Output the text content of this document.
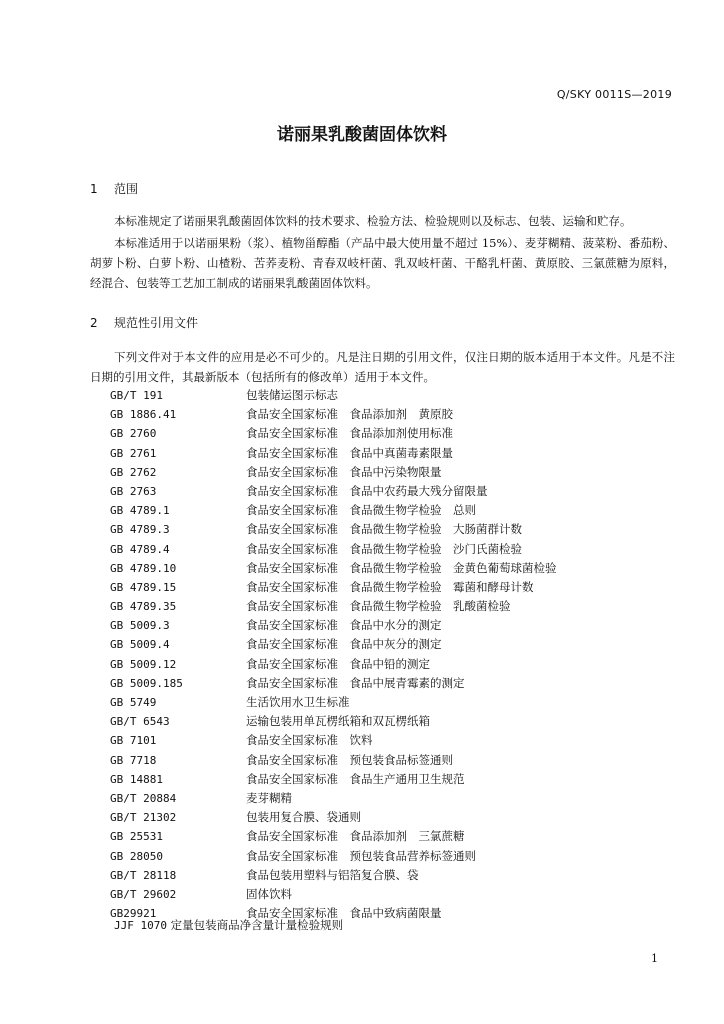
Q/SKY 0011S—2019
诺丽果乳酸菌固体饮料
1 范围
本标准规定了诺丽果乳酸菌固体饮料的技术要求、检验方法、检验规则以及标志、包装、运输和贮存。
本标准适用于以诺丽果粉（浆）、植物甾醇酯（产品中最大使用量不超过 15%）、麦芽糊精、菠菜粉、番茄粉、胡萝卜粉、白萝卜粉、山楂粉、苦荞麦粉、青春双岐杆菌、乳双岐杆菌、干酪乳杆菌、黄原胶、三氯蔗糖为原料，经混合、包装等工艺加工制成的诺丽果乳酸菌固体饮料。
2 规范性引用文件
下列文件对于本文件的应用是必不可少的。凡是注日期的引用文件，仅注日期的版本适用于本文件。凡是不注日期的引用文件，其最新版本（包括所有的修改单）适用于本文件。
GB/T 191	包装储运图示标志
GB 1886.41	食品安全国家标准　食品添加剂　黄原胶
GB 2760	食品安全国家标准　食品添加剂使用标准
GB 2761	食品安全国家标准　食品中真菌毒素限量
GB 2762	食品安全国家标准　食品中污染物限量
GB 2763	食品安全国家标准　食品中农药最大残分留限量
GB 4789.1	食品安全国家标准　食品微生物学检验　总则
GB 4789.3	食品安全国家标准　食品微生物学检验　大肠菌群计数
GB 4789.4	食品安全国家标准　食品微生物学检验　沙门氏菌检验
GB 4789.10	食品安全国家标准　食品微生物学检验　金黄色葡萄球菌检验
GB 4789.15	食品安全国家标准　食品微生物学检验　霉菌和酵母计数
GB 4789.35	食品安全国家标准　食品微生物学检验　乳酸菌检验
GB 5009.3	食品安全国家标准　食品中水分的测定
GB 5009.4	食品安全国家标准　食品中灰分的测定
GB 5009.12	食品安全国家标准　食品中铅的测定
GB 5009.185	食品安全国家标准　食品中展青霉素的测定
GB 5749	生活饮用水卫生标准
GB/T 6543	运输包装用单瓦楞纸箱和双瓦楞纸箱
GB 7101	食品安全国家标准　饮料
GB 7718	食品安全国家标准　预包装食品标签通则
GB 14881	食品安全国家标准　食品生产通用卫生规范
GB/T 20884	麦芽糊精
GB/T 21302	包装用复合膜、袋通则
GB 25531	食品安全国家标准　食品添加剂　三氯蔗糖
GB 28050	食品安全国家标准　预包装食品营养标签通则
GB/T 28118	食品包装用塑料与铝箔复合膜、袋
GB/T 29602	固体饮料
GB29921	食品安全国家标准　食品中致病菌限量
JJF 1070 定量包装商品净含量计量检验规则
1
